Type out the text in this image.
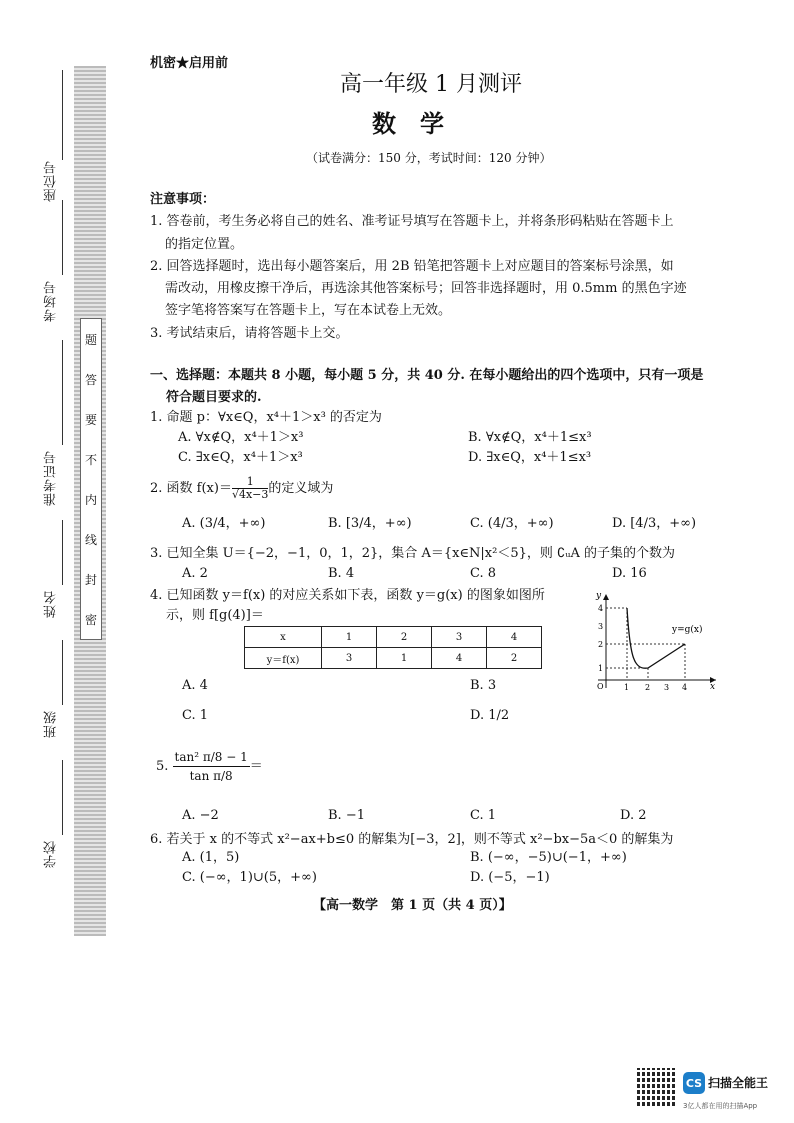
座位号
考场号
准考证号
姓名
班级
学校
题
答
要
不
内
线
封
密
机密★启用前
高一年级 1 月测评
数　学
（试卷满分：150 分，考试时间：120 分钟）
注意事项：
1. 答卷前，考生务必将自己的姓名、准考证号填写在答题卡上，并将条形码粘贴在答题卡上
的指定位置。
2. 回答选择题时，选出每小题答案后，用 2B 铅笔把答题卡上对应题目的答案标号涂黑，如
需改动，用橡皮擦干净后，再选涂其他答案标号；回答非选择题时，用 0.5mm 的黑色字迹
签字笔将答案写在答题卡上，写在本试卷上无效。
3. 考试结束后，请将答题卡上交。
一、选择题：本题共 8 小题，每小题 5 分，共 40 分. 在每小题给出的四个选项中，只有一项是
符合题目要求的.
1. 命题 p：∀x∈Q，x⁴＋1＞x³ 的否定为
A. ∀x∉Q，x⁴＋1＞x³	B. ∀x∉Q，x⁴＋1≤x³
C. ∃x∈Q，x⁴＋1＞x³	D. ∃x∈Q，x⁴＋1≤x³
2. 函数 $f(x)= \frac{1}{√4x-3}$ 的定义域为
A. (3/4，+∞)	B. [3/4，+∞)	C. (4/3，+∞)	D. [4/3，+∞)
3. 已知全集 U＝{−2，−1，0，1，2}，集合 A＝{x∈N|x²＜5}，则 ∁ᵤA 的子集的个数为
A. 2	B. 4	C. 8	D. 16
4. 已知函数 y＝f(x) 的对应关系如下表，函数 y＝g(x) 的图象如图所
示，则 f[g(4)]＝
x	1	2	3	4
y＝f(x)	3	1	4	2
y=g(x)
x
y
O	1 2 3 4
1
2
3
4
A. 4	B. 3
C. 1	D. 1/2
5. $\frac{\text{tan² π/8 − 1}}{\text{tan π/8}}$ ＝
A. −2	B. −1	C. 1	D. 2
6. 若关于 x 的不等式 x²−ax+b≤0 的解集为[−3，2]，则不等式 x²−bx−5a＜0 的解集为
A. (1，5)	B. (−∞，−5)∪(−1，+∞)
C. (−∞，1)∪(5，+∞)	D. (−5，−1)
【高一数学　第 1 页（共 4 页）】
CS 扫描全能王
3亿人都在用的扫描App
